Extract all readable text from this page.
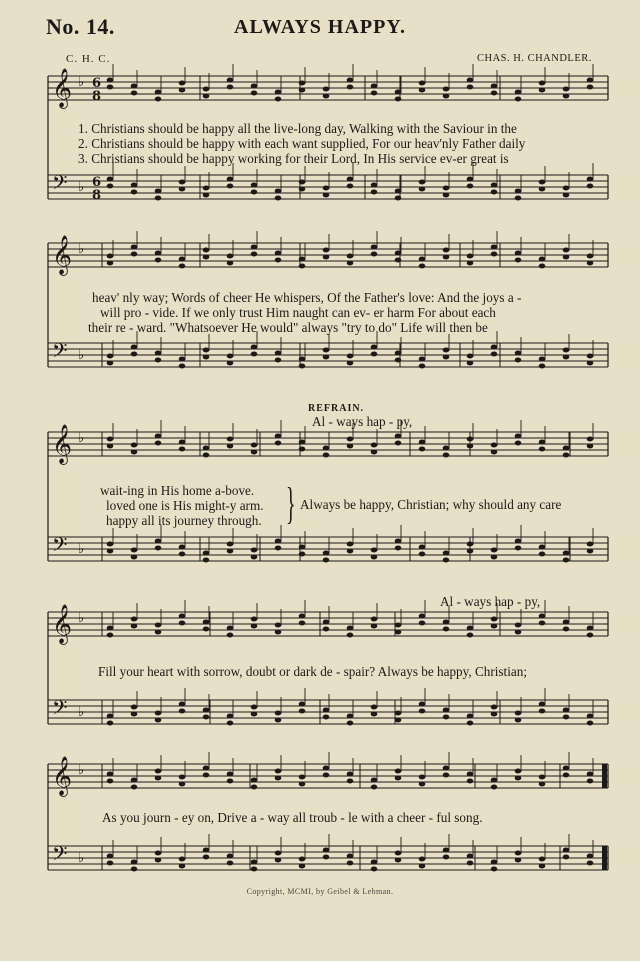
𝄞 ♭
𝄢 ♭
𝄞 ♭
𝄢 ♭
𝄞 ♭
𝄢 ♭
𝄞 ♭
𝄢 ♭
𝄞 ♭
𝄢 ♭
6
8
6
8
No. 14.	ALWAYS HAPPY.
C. H. C.	CHAS. H. CHANDLER.
1. Christians should be happy all the live-long day, Walking with the Saviour in the
2. Christians should be happy with each want supplied, For our heav'nly Father daily
3. Christians should be happy working for their Lord, In His service ev-er great is
heav' nly way; Words of cheer He whispers, Of the Father's love: And the joys a -
will pro - vide. If we only trust Him naught can ev- er harm For about each
their re - ward. "Whatsoever He would" always "try to do" Life will then be
REFRAIN.
Al - ways hap - py,
wait-ing in His home a-bove.
loved one is His might-y arm.
happy all its journey through. } Always be happy, Christian; why should any care
Al - ways hap - py,
Fill your heart with sorrow, doubt or dark de - spair? Always be happy, Christian;
As you journ - ey on, Drive a - way all troub - le with a cheer - ful song.
Copyright, MCMI, by Geibel & Lehman.
